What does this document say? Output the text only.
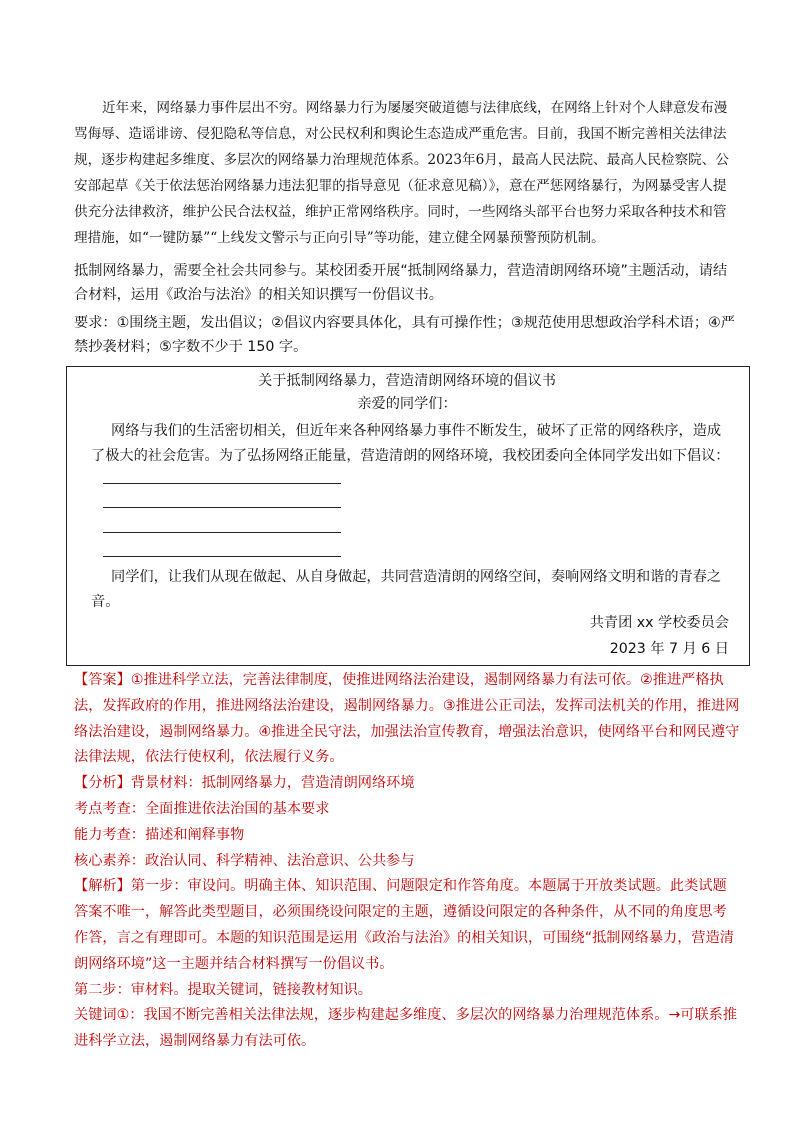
近年来，网络暴力事件层出不穷。网络暴力行为屡屡突破道德与法律底线，在网络上针对个人肆意发布漫骂侮辱、造谣诽谤、侵犯隐私等信息，对公民权利和舆论生态造成严重危害。目前，我国不断完善相关法律法规，逐步构建起多维度、多层次的网络暴力治理规范体系。2023年6月，最高人民法院、最高人民检察院、公安部起草《关于依法惩治网络暴力违法犯罪的指导意见（征求意见稿）》，意在严惩网络暴行，为网暴受害人提供充分法律救济，维护公民合法权益，维护正常网络秩序。同时，一些网络头部平台也努力采取各种技术和管理措施，如“一键防暴”“上线发文警示与正向引导”等功能，建立健全网暴预警预防机制。

抵制网络暴力，需要全社会共同参与。某校团委开展“抵制网络暴力，营造清朗网络环境”主题活动，请结合材料，运用《政治与法治》的相关知识撰写一份倡议书。

要求：①围绕主题，发出倡议；②倡议内容要具体化，具有可操作性；③规范使用思想政治学科术语；④严禁抄袭材料；⑤字数不少于 150 字。

关于抵制网络暴力，营造清朗网络环境的倡议书
亲爱的同学们：

网络与我们的生活密切相关，但近年来各种网络暴力事件不断发生，破坏了正常的网络秩序，造成了极大的社会危害。为了弘扬网络正能量，营造清朗的网络环境，我校团委向全体同学发出如下倡议：

同学们，让我们从现在做起、从自身做起，共同营造清朗的网络空间，奏响网络文明和谐的青春之音。

共青团 xx 学校委员会
2023 年 7 月 6 日

【答案】①推进科学立法，完善法律制度，使推进网络法治建设，遏制网络暴力有法可依。②推进严格执法，发挥政府的作用，推进网络法治建设，遏制网络暴力。③推进公正司法，发挥司法机关的作用，推进网络法治建设，遏制网络暴力。④推进全民守法，加强法治宣传教育，增强法治意识，使网络平台和网民遵守法律法规，依法行使权利，依法履行义务。

【分析】背景材料：抵制网络暴力，营造清朗网络环境

考点考查：全面推进依法治国的基本要求

能力考查：描述和阐释事物

核心素养：政治认同、科学精神、法治意识、公共参与

【解析】第一步：审设问。明确主体、知识范围、问题限定和作答角度。本题属于开放类试题。此类试题答案不唯一，解答此类型题目，必须围绕设问限定的主题，遵循设问限定的各种条件，从不同的角度思考作答，言之有理即可。本题的知识范围是运用《政治与法治》的相关知识，可围绕“抵制网络暴力，营造清朗网络环境”这一主题并结合材料撰写一份倡议书。

第二步：审材料。提取关键词，链接教材知识。

关键词①：我国不断完善相关法律法规，逐步构建起多维度、多层次的网络暴力治理规范体系。→可联系推进科学立法，遏制网络暴力有法可依。
